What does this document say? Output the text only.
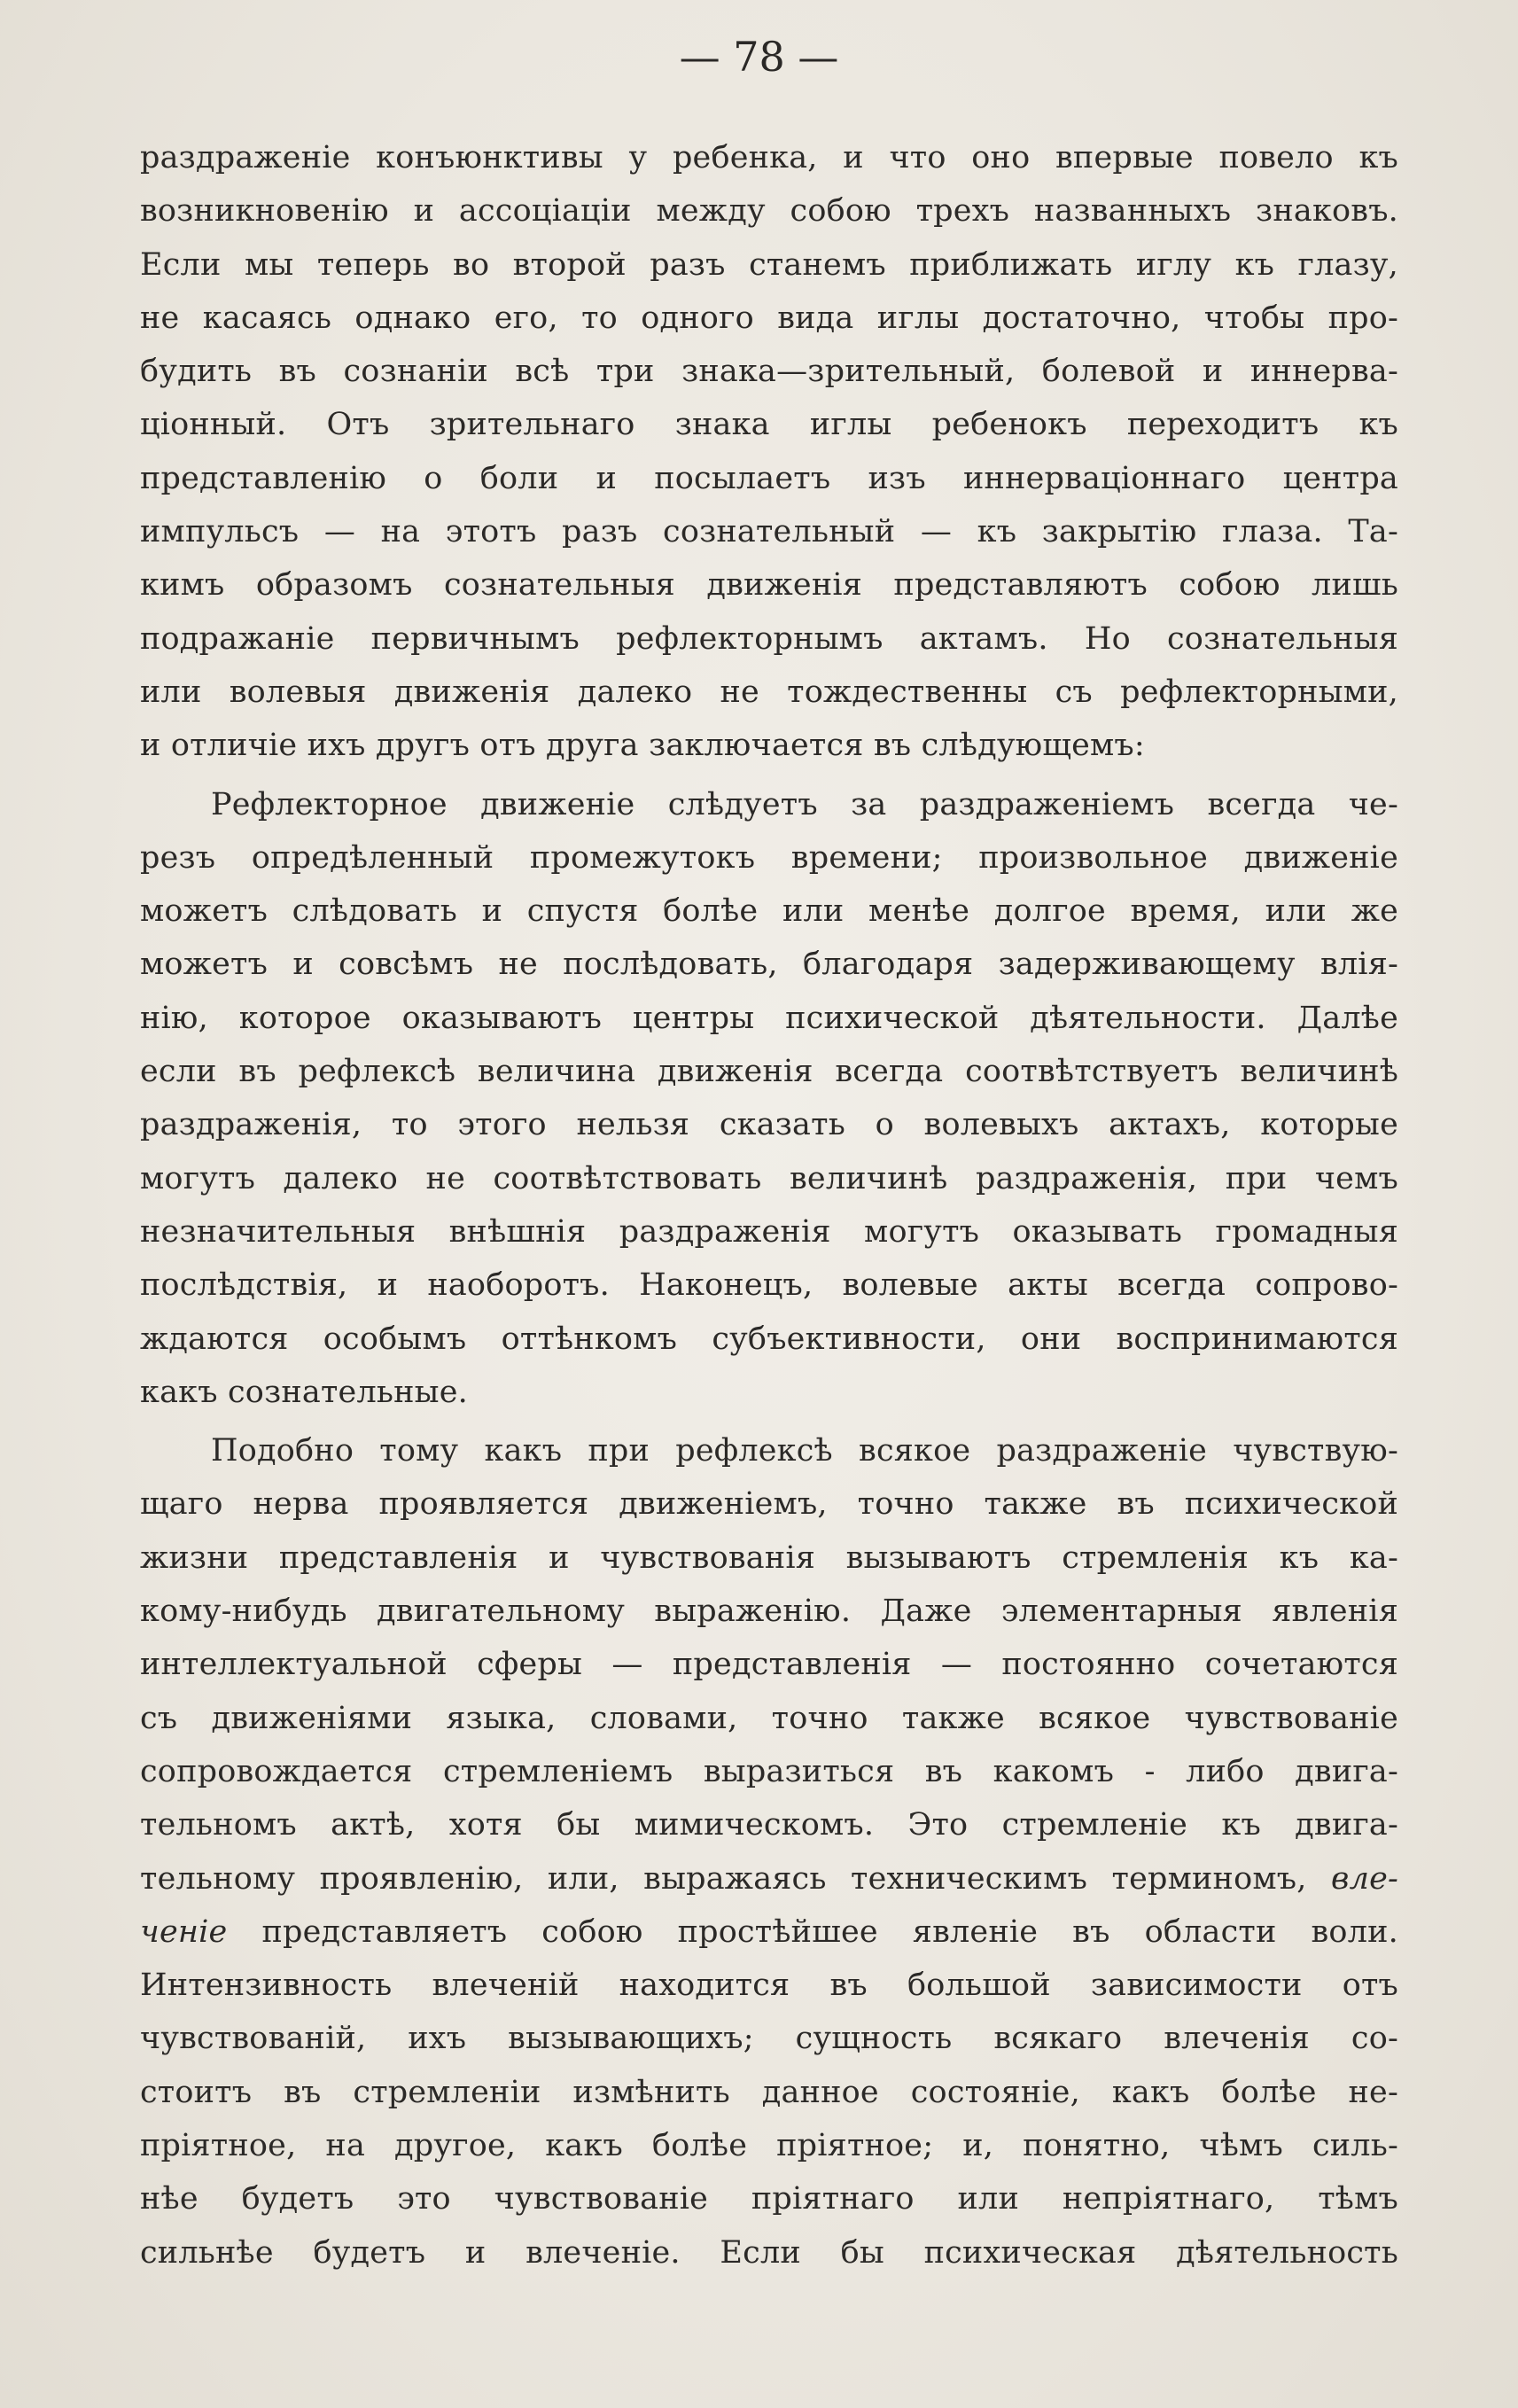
— 78 —
раздраженіе конъюнктивы у ребенка, и что оно впервые повело къ
возникновенію и ассоціаціи между собою трехъ названныхъ знаковъ.
Если мы теперь во второй разъ станемъ приближать иглу къ глазу,
не касаясь однако его, то одного вида иглы достаточно, чтобы про-
будить въ сознаніи всѣ три знака—зрительный, болевой и иннерва-
ціонный. Отъ зрительнаго знака иглы ребенокъ переходитъ къ
представленію о боли и посылаетъ изъ иннерваціоннаго центра
импульсъ — на этотъ разъ сознательный — къ закрытію глаза. Та-
кимъ образомъ сознательныя движенія представляютъ собою лишь
подражаніе первичнымъ рефлекторнымъ актамъ. Но сознательныя
или волевыя движенія далеко не тождественны съ рефлекторными,
и отличіе ихъ другъ отъ друга заключается въ слѣдующемъ:
Рефлекторное движеніе слѣдуетъ за раздраженіемъ всегда че-
резъ опредѣленный промежутокъ времени; произвольное движеніе
можетъ слѣдовать и спустя болѣе или менѣе долгое время, или же
можетъ и совсѣмъ не послѣдовать, благодаря задерживающему влія-
нію, которое оказываютъ центры психической дѣятельности. Далѣе
если въ рефлексѣ величина движенія всегда соотвѣтствуетъ величинѣ
раздраженія, то этого нельзя сказать о волевыхъ актахъ, которые
могутъ далеко не соотвѣтствовать величинѣ раздраженія, при чемъ
незначительныя внѣшнія раздраженія могутъ оказывать громадныя
послѣдствія, и наоборотъ. Наконецъ, волевые акты всегда сопрово-
ждаются особымъ оттѣнкомъ субъективности, они воспринимаются
какъ сознательные.
Подобно тому какъ при рефлексѣ всякое раздраженіе чувствую-
щаго нерва проявляется движеніемъ, точно также въ психической
жизни представленія и чувствованія вызываютъ стремленія къ ка-
кому-нибудь двигательному выраженію. Даже элементарныя явленія
интеллектуальной сферы — представленія — постоянно сочетаются
съ движеніями языка, словами, точно также всякое чувствованіе
сопровождается стремленіемъ выразиться въ какомъ - либо двига-
тельномъ актѣ, хотя бы мимическомъ. Это стремленіе къ двига-
тельному проявленію, или, выражаясь техническимъ терминомъ, вле-
ченіе представляетъ собою простѣйшее явленіе въ области воли.
Интензивность влеченій находится въ большой зависимости отъ
чувствованій, ихъ вызывающихъ; сущность всякаго влеченія со-
стоитъ въ стремленіи измѣнить данное состояніе, какъ болѣе не-
пріятное, на другое, какъ болѣе пріятное; и, понятно, чѣмъ силь-
нѣе будетъ это чувствованіе пріятнаго или непріятнаго, тѣмъ
сильнѣе будетъ и влеченіе. Если бы психическая дѣятельность
